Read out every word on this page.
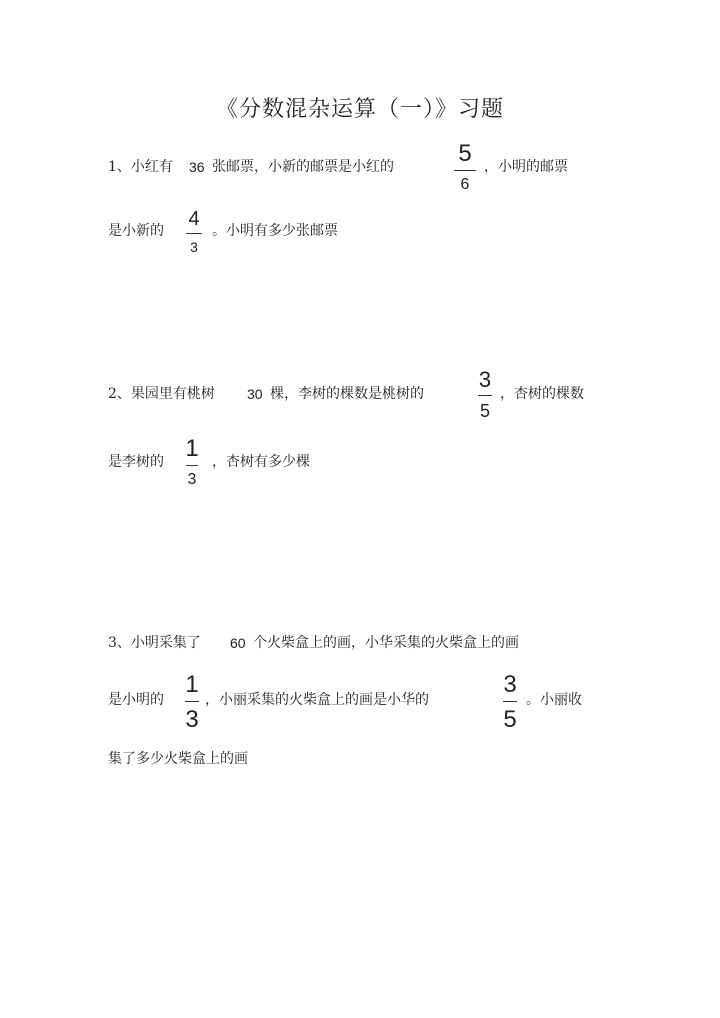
《分数混杂运算（一）》习题
1、小红有 36 张邮票，小新的邮票是小红的	5
6
，小明的邮票
是小新的
4
3
。小明有多少张邮票
2、果园里有桃树 30 棵，李树的棵数是桃树的
3
5
，杏树的棵数
是李树的 1
3
，杏树有多少棵
3、小明采集了 60 个火柴盒上的画，小华采集的火柴盒上的画
是小明的
1
3
，小丽采集的火柴盒上的画是小华的
3
5
。小丽收
集了多少火柴盒上的画
